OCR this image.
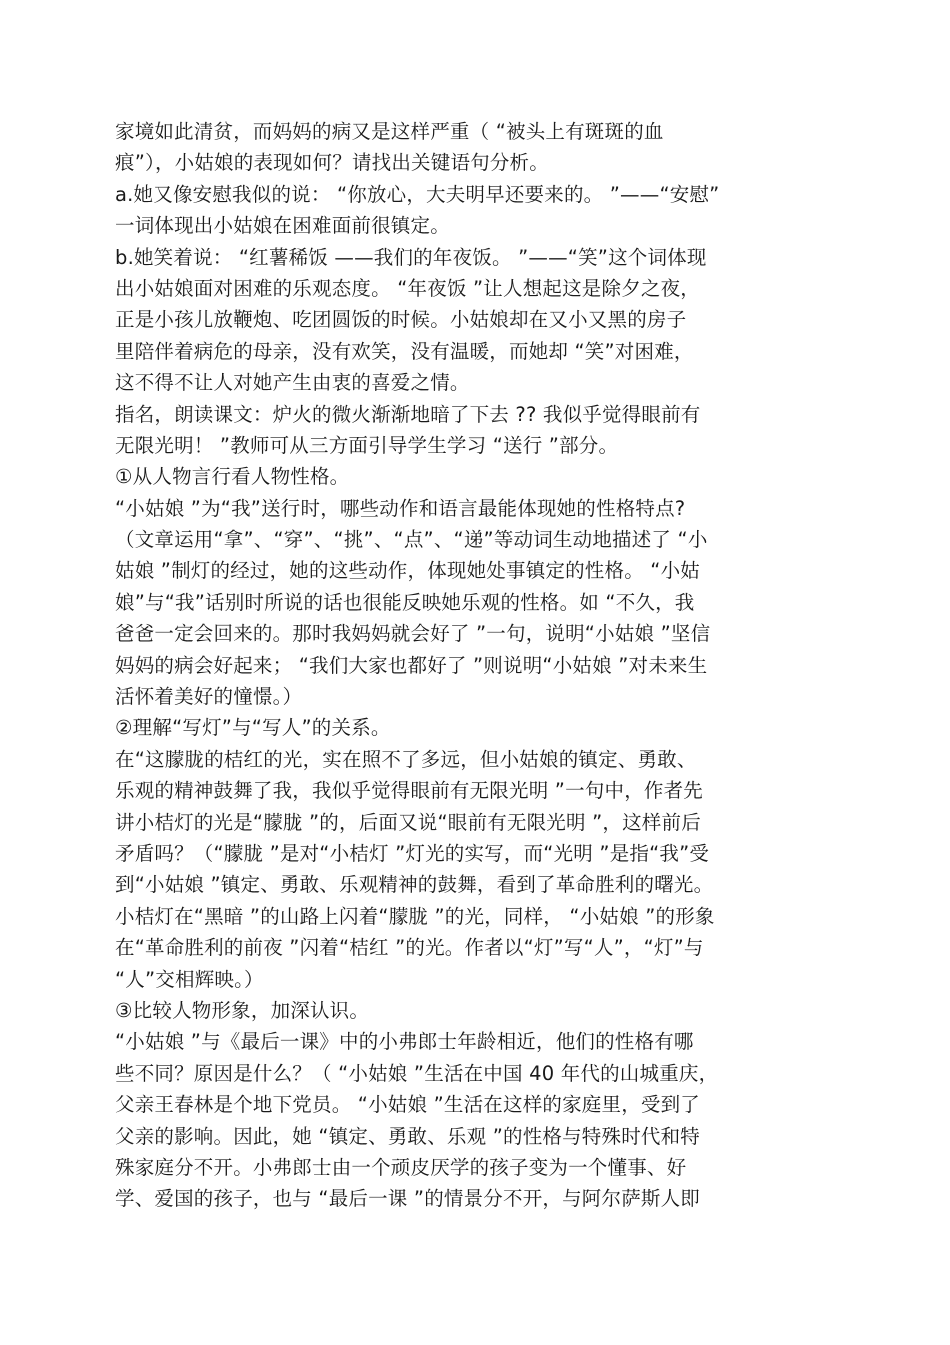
家境如此清贫，而妈妈的病又是这样严重（ “被头上有斑斑的血
痕”），小姑娘的表现如何？请找出关键语句分析。
a.她又像安慰我似的说： “你放心，大夫明早还要来的。 ”——“安慰”
一词体现出小姑娘在困难面前很镇定。
b.她笑着说： “红薯稀饭 ——我们的年夜饭。 ”——“笑”这个词体现
出小姑娘面对困难的乐观态度。 “年夜饭 ”让人想起这是除夕之夜，
正是小孩儿放鞭炮、吃团圆饭的时候。小姑娘却在又小又黑的房子
里陪伴着病危的母亲，没有欢笑，没有温暖，而她却 “笑”对困难，
这不得不让人对她产生由衷的喜爱之情。
指名，朗读课文：炉火的微火渐渐地暗了下去 ?? 我似乎觉得眼前有
无限光明！ ”教师可从三方面引导学生学习 “送行 ”部分。
①从人物言行看人物性格。
“小姑娘 ”为“我”送行时，哪些动作和语言最能体现她的性格特点?
（文章运用“拿”、“穿”、“挑”、“点”、“递”等动词生动地描述了 “小
姑娘 ”制灯的经过，她的这些动作，体现她处事镇定的性格。 “小姑
娘”与“我”话别时所说的话也很能反映她乐观的性格。如 “不久，我
爸爸一定会回来的。那时我妈妈就会好了 ”一句，说明“小姑娘 ”坚信
妈妈的病会好起来； “我们大家也都好了 ”则说明“小姑娘 ”对未来生
活怀着美好的憧憬。）
②理解“写灯”与“写人”的关系。
在“这朦胧的桔红的光，实在照不了多远，但小姑娘的镇定、勇敢、
乐观的精神鼓舞了我，我似乎觉得眼前有无限光明 ”一句中，作者先
讲小桔灯的光是“朦胧 ”的，后面又说“眼前有无限光明 ”，这样前后
矛盾吗？（“朦胧 ”是对“小桔灯 ”灯光的实写，而“光明 ”是指“我”受
到“小姑娘 ”镇定、勇敢、乐观精神的鼓舞，看到了革命胜利的曙光。
小桔灯在“黑暗 ”的山路上闪着“朦胧 ”的光，同样， “小姑娘 ”的形象
在“革命胜利的前夜 ”闪着“桔红 ”的光。作者以“灯”写“人”，“灯”与
“人”交相辉映。）
③比较人物形象，加深认识。
“小姑娘 ”与《最后一课》中的小弗郎士年龄相近，他们的性格有哪
些不同？原因是什么？（ “小姑娘 ”生活在中国 40 年代的山城重庆，
父亲王春林是个地下党员。 “小姑娘 ”生活在这样的家庭里，受到了
父亲的影响。因此，她 “镇定、勇敢、乐观 ”的性格与特殊时代和特
殊家庭分不开。小弗郎士由一个顽皮厌学的孩子变为一个懂事、好
学、爱国的孩子，也与 “最后一课 ”的情景分不开，与阿尔萨斯人即
